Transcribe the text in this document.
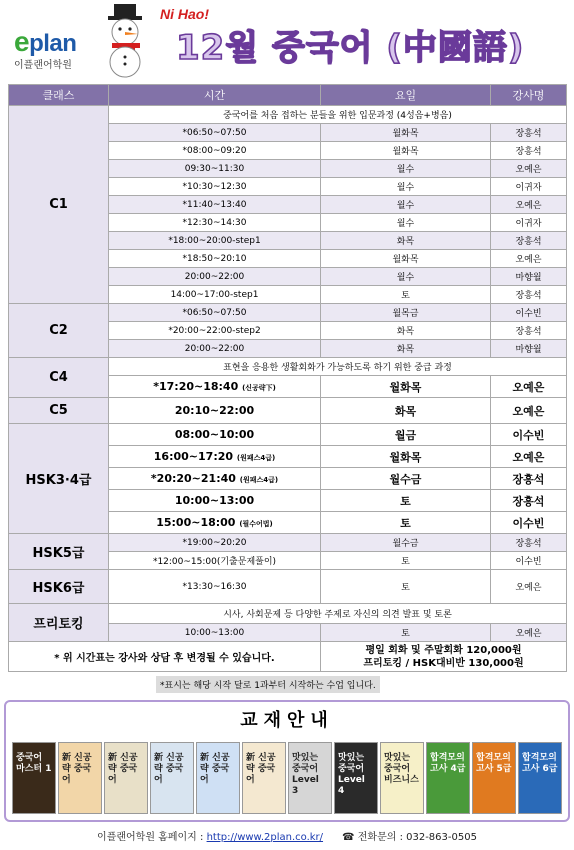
eplan
이플랜어학원
Ni Hao!
12월 중국어 (中國語)
클래스	시간	요일	강사명
C1	중국어를 처음 접하는 분들을 위한 입문과정 (4성음+병음)		
	*06:50~07:50	월화목	장흥석
	*08:00~09:20	월화목	장흥석
	09:30~11:30	월수	오예은
	*10:30~12:30	월수	이귀자
	*11:40~13:40	월수	오예은
	*12:30~14:30	월수	이귀자
	*18:00~20:00-step1	화목	장흥석
	*18:50~20:10	월화목	오예은
	20:00~22:00	월수	마향월
	14:00~17:00-step1	토	장흥석
C2	*06:50~07:50	월목금	이수빈
	*20:00~22:00-step2	화목	장흥석
	20:00~22:00	화목	마향월
C4	표현을 응용한 생활회화가 가능하도록 하기 위한 중급 과정		
	*17:20~18:40 (신공략下)	월화목	오예은
C5	20:10~22:00	화목	오예은
HSK3·4급	08:00~10:00	월금	이수빈
	16:00~17:20 (원패스4급)	월화목	오예은
	*20:20~21:40 (원패스4급)	월수금	장흥석
	10:00~13:00	토	장흥석
	15:00~18:00 (필수어법)	토	이수빈
HSK5급	*19:00~20:20	월수금	장흥석
	*12:00~15:00(기출문제풀이)	토	이수빈
HSK6급	*13:30~16:30	토	오예은
프리토킹	시사, 사회문제 등 다양한 주제로 자신의 의견 발표 및 토론		
	10:00~13:00	토	오예은
* 위 시간표는 강사와 상담 후 변경될 수 있습니다.		평일 회화 및 주말회화 120,000원
프리토킹 / HSK대비반 130,000원	
*표시는 해당 시작 달로 1과부터 시작하는 수업 입니다.
교재안내
중국어 마스터 1
新 신공략 중국어
新 신공략 중국어
新 신공략 중국어
新 신공략 중국어
新 신공략 중국어
맛있는 중국어 Level 3
맛있는 중국어 Level 4
맛있는 중국어 비즈니스
합격모의고사 4급
합격모의고사 5급
합격모의고사 6급
이플랜어학원 홈페이지 : http://www.2plan.co.kr/ ☎ 전화문의 : 032-863-0505
